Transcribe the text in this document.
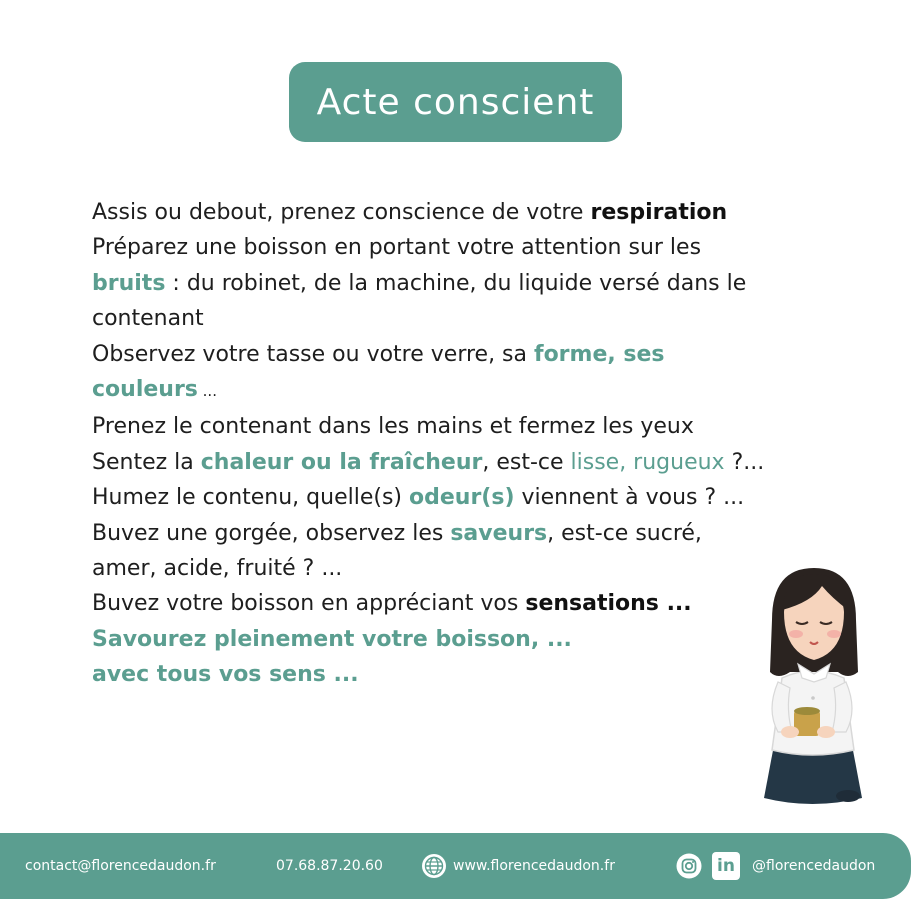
Acte conscient
Assis ou debout, prenez conscience de votre respiration
Préparez une boisson en portant votre attention sur les
bruits : du robinet, de la machine, du liquide versé dans le
contenant
Observez votre tasse ou votre verre, sa forme, ses
couleurs ...
Prenez le contenant dans les mains et fermez les yeux
Sentez la chaleur ou la fraîcheur, est-ce lisse, rugueux ?...
Humez le contenu, quelle(s) odeur(s) viennent à vous ? ...
Buvez une gorgée, observez les saveurs, est-ce sucré,
amer, acide, fruité ? ...
Buvez votre boisson en appréciant vos sensations ...
Savourez pleinement votre boisson, ...
avec tous vos sens ...
contact@florencedaudon.fr	07.68.87.20.60	www.florencedaudon.fr	in	@florencedaudon
